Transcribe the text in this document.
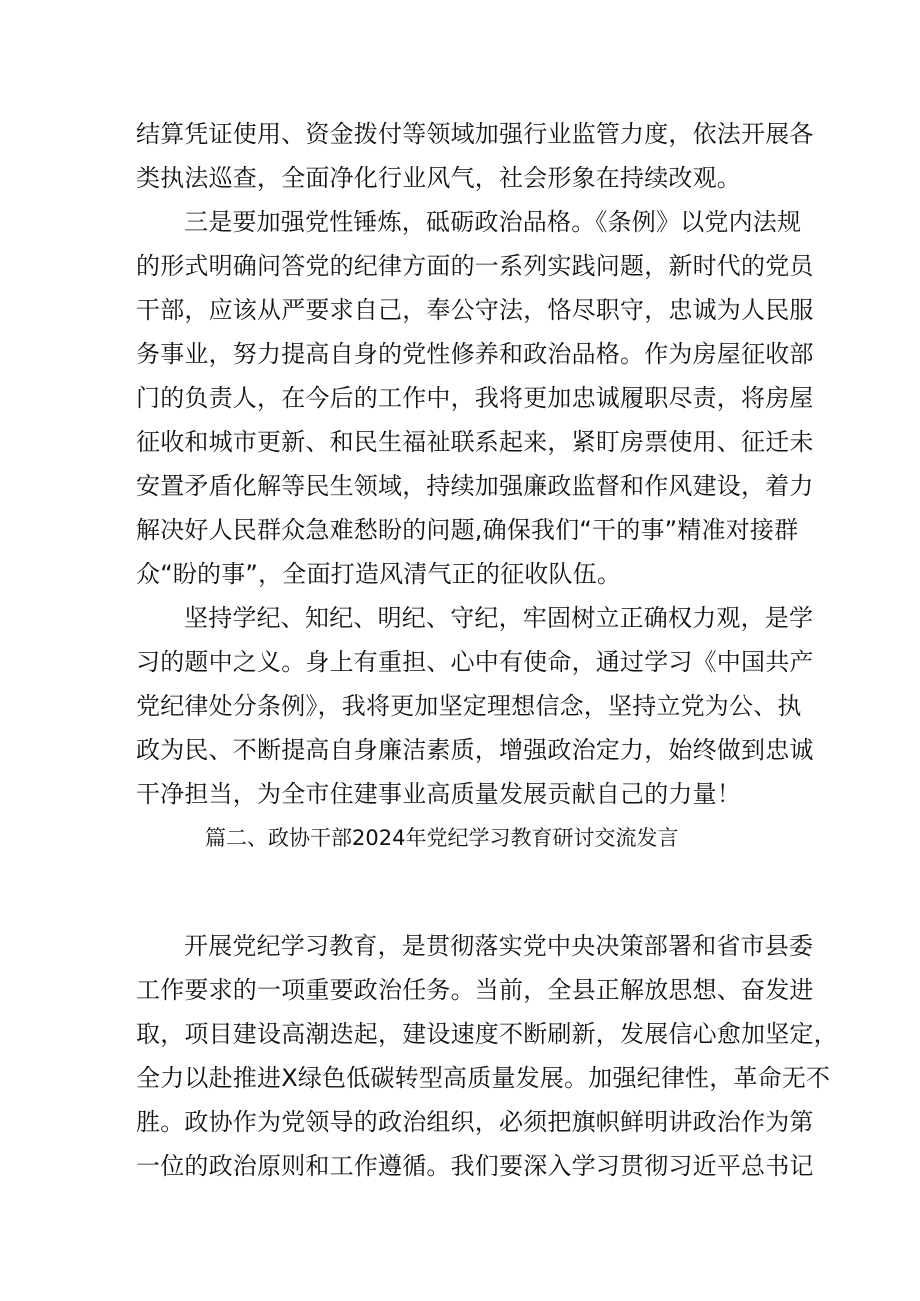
结算凭证使用、资金拨付等领域加强行业监管力度，依法开展各
类执法巡查，全面净化行业风气，社会形象在持续改观。
三是要加强党性锤炼，砥砺政治品格。《条例》以党内法规
的形式明确问答党的纪律方面的一系列实践问题，新时代的党员
干部，应该从严要求自己，奉公守法，恪尽职守，忠诚为人民服
务事业，努力提高自身的党性修养和政治品格。作为房屋征收部
门的负责人，在今后的工作中，我将更加忠诚履职尽责，将房屋
征收和城市更新、和民生福祉联系起来，紧盯房票使用、征迁未
安置矛盾化解等民生领域，持续加强廉政监督和作风建设，着力
解决好人民群众急难愁盼的问题,确保我们“干的事”精准对接群
众“盼的事”，全面打造风清气正的征收队伍。
坚持学纪、知纪、明纪、守纪，牢固树立正确权力观，是学
习的题中之义。身上有重担、心中有使命，通过学习《中国共产
党纪律处分条例》，我将更加坚定理想信念，坚持立党为公、执
政为民、不断提高自身廉洁素质，增强政治定力，始终做到忠诚
干净担当，为全市住建事业高质量发展贡献自己的力量！
篇二、政协干部2024年党纪学习教育研讨交流发言
开展党纪学习教育，是贯彻落实党中央决策部署和省市县委
工作要求的一项重要政治任务。当前，全县正解放思想、奋发进
取，项目建设高潮迭起，建设速度不断刷新，发展信心愈加坚定，
全力以赴推进X绿色低碳转型高质量发展。加强纪律性，革命无不
胜。政协作为党领导的政治组织，必须把旗帜鲜明讲政治作为第
一位的政治原则和工作遵循。我们要深入学习贯彻习近平总书记
